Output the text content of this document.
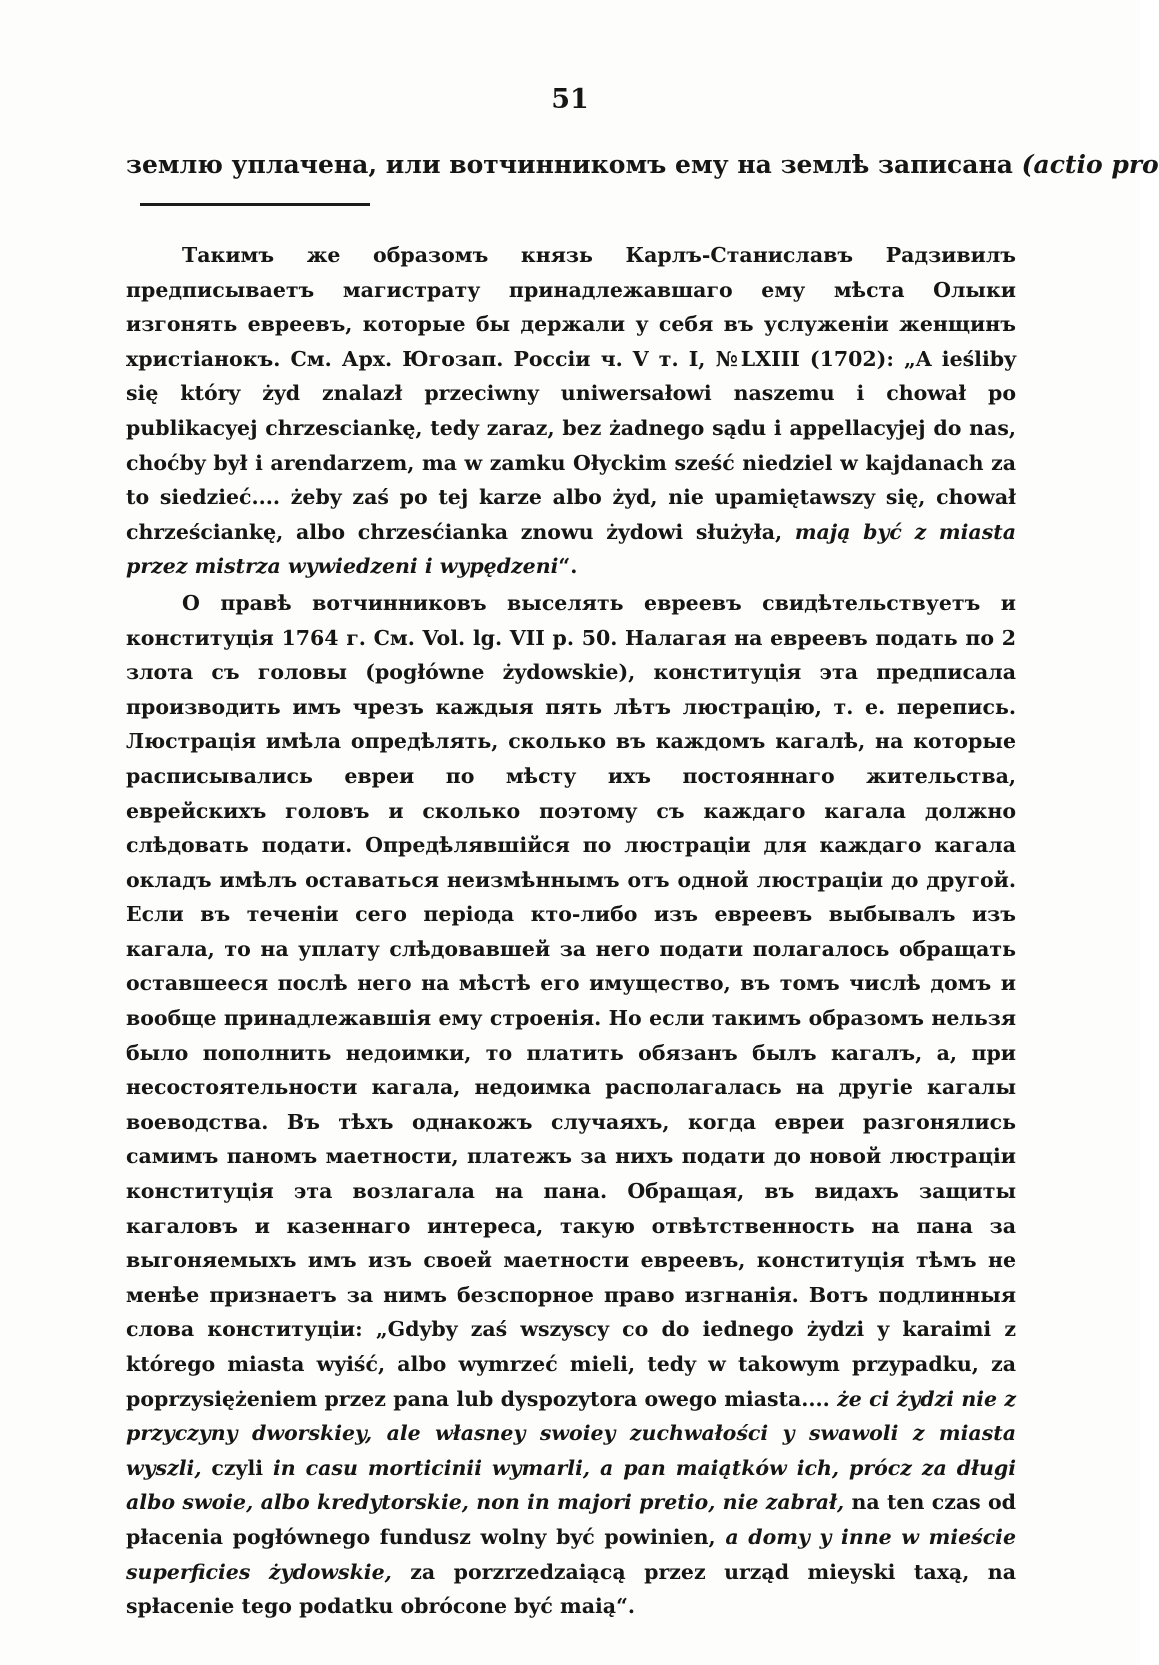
51
землю уплачена, или вотчинникомъ ему на землѣ записана (actio pro

Такимъ же образомъ князь Карлъ-Станиславъ Радзивилъ предписываетъ магистрату принадлежавшаго ему мѣста Олыки изгонять евреевъ, которые бы держали у себя въ услуженіи женщинъ христіанокъ. См. Арх. Югозап. Россіи ч. V т. I, №LXIII (1702): „A ieśliby się który żyd znalazł przeciwny uniwersałowi naszemu i chował po publikacyej chrzesciankę, tedy zaraz, bez żadnego sądu i appellacyjej do nas, choćby był i arendarzem, ma w zamku Ołyckim sześć niedziel w kajdanach za to siedzieć.... żeby zaś po tej karze albo żyd, nie upamiętawszy się, chował chrześciankę, albo chrzesćianka znowu żydowi służyła, mają być z miasta przez mistrza wywiedzeni i wypędzeni“.

О правѣ вотчинниковъ выселять евреевъ свидѣтельствуетъ и конституція 1764 г. См. Vol. lg. VII p. 50. Налагая на евреевъ подать по 2 злота съ головы (pogłówne żydowskie), конституція эта предписала производить имъ чрезъ каждыя пять лѣтъ люстрацію, т. е. перепись. Люстрація имѣла опредѣлять, сколько въ каждомъ кагалѣ, на которые расписывались евреи по мѣсту ихъ постояннаго жительства, еврейскихъ головъ и сколько поэтому съ каждаго кагала должно слѣдовать подати. Опредѣлявшійся по люстраціи для каждаго кагала окладъ имѣлъ оставаться неизмѣннымъ отъ одной люстраціи до другой. Если въ теченіи сего періода кто-либо изъ евреевъ выбывалъ изъ кагала, то на уплату слѣдовавшей за него подати полагалось обращать оставшееся послѣ него на мѣстѣ его имущество, въ томъ числѣ домъ и вообще принадлежавшія ему строенія. Но если такимъ образомъ нельзя было пополнить недоимки, то платить обязанъ былъ кагалъ, а, при несостоятельности кагала, недоимка располагалась на другіе кагалы воеводства. Въ тѣхъ однакожъ случаяхъ, когда евреи разгонялись самимъ паномъ маетности, платежъ за нихъ подати до новой люстраціи конституція эта возлагала на пана. Обращая, въ видахъ защиты кагаловъ и казеннаго интереса, такую отвѣтственность на пана за выгоняемыхъ имъ изъ своей маетности евреевъ, конституція тѣмъ не менѣе признаетъ за нимъ безспорное право изгнанія. Вотъ подлинныя слова конституціи: „Gdyby zaś wszyscy co do iednego żydzi y karaimi z którego miasta wyiść, albo wymrzeć mieli, tedy w takowym przypadku, za poprzysiężeniem przez pana lub dyspozytora owego miasta.... że ci żydzi nie z przyczyny dworskiey, ale własney swoiey zuchwałości y swawoli z miasta wyszli, czyli in casu morticinii wymarli, a pan maiątków ich, prócz za długi albo swoie, albo kredytorskie, non in majori pretio, nie zabrał, na ten czas od płacenia pogłównego fundusz wolny być powinien, a domy y inne w mieście superficies żydowskie, za porzrzedzaiącą przez urząd mieyski taxą, na spłacenie tego podatku obrócone być maią“.
